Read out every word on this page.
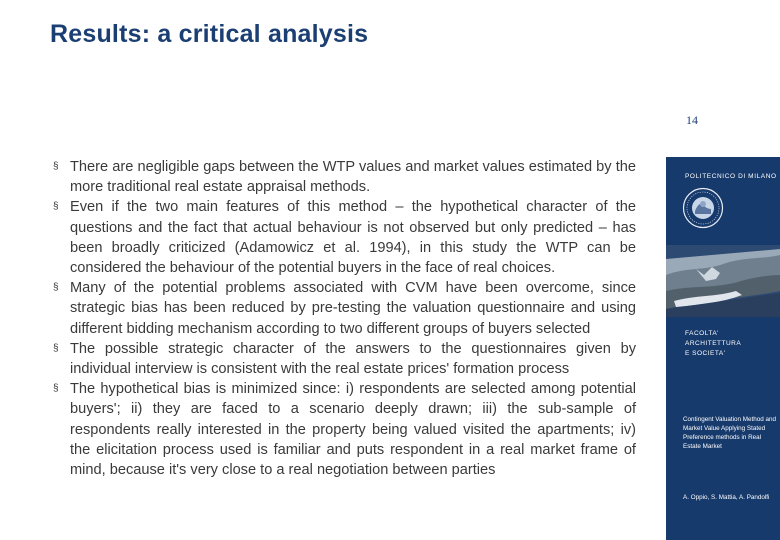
Results: a critical analysis
14
§ There are negligible gaps between the WTP values and market values estimated by the more traditional real estate appraisal methods.
§ Even if the two main features of this method – the hypothetical character of the questions and the fact that actual behaviour is not observed but only predicted – has been broadly criticized (Adamowicz et al. 1994), in this study the WTP can be considered the behaviour of the potential buyers in the face of real choices.
§ Many of the potential problems associated with CVM have been overcome, since strategic bias has been reduced by pre-testing the valuation questionnaire and using different bidding mechanism according to two different groups of buyers selected
§ The possible strategic character of the answers to the questionnaires given by individual interview is consistent with the real estate prices' formation process
§ The hypothetical bias is minimized since: i) respondents are selected among potential buyers'; ii) they are faced to a scenario deeply drawn; iii) the sub-sample of respondents really interested in the property being valued visited the apartments; iv) the elicitation process used is familiar and puts respondent in a real market frame of mind, because it's very close to a real negotiation between parties
POLITECNICO DI MILANO
FACOLTA'
ARCHITETTURA
E SOCIETA'
Contingent Valuation Method and Market Value Applying Stated Preference methods in Real Estate Market
A. Oppio, S. Mattia, A. Pandolfi
